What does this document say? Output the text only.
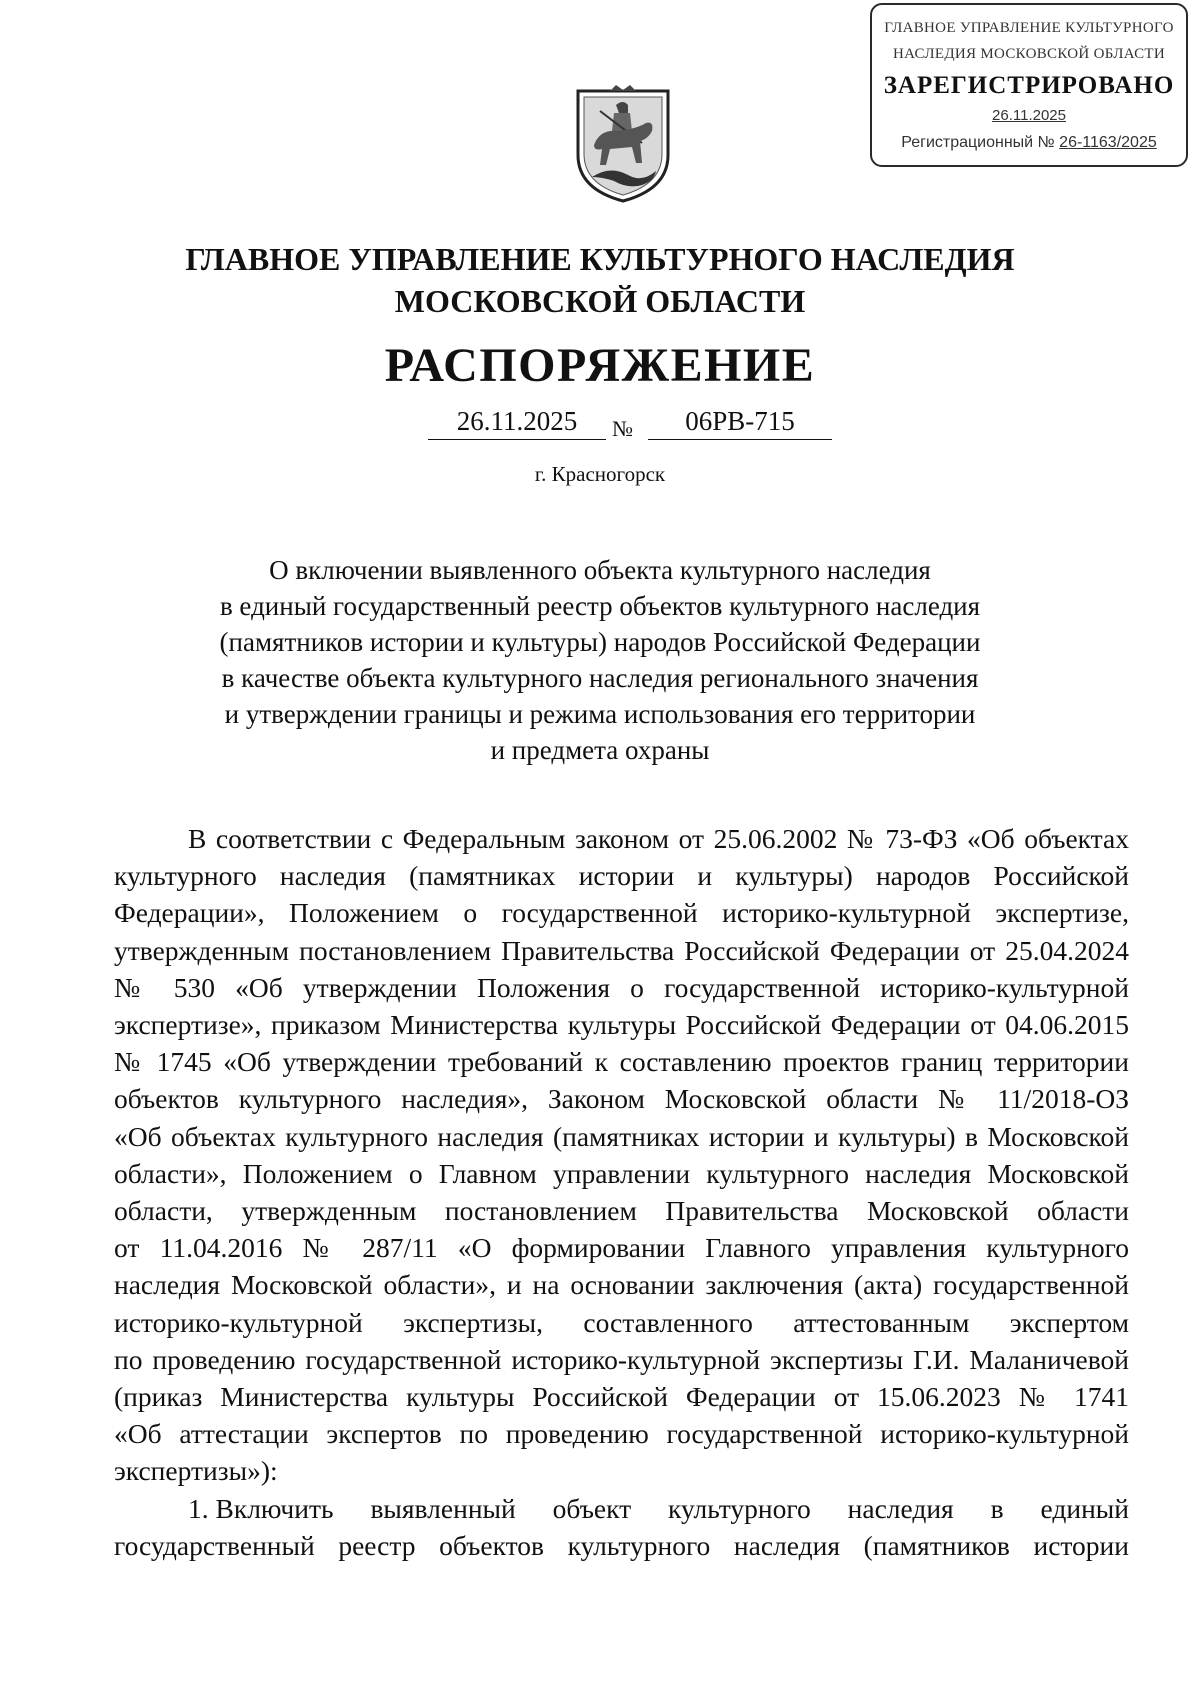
ГЛАВНОЕ УПРАВЛЕНИЕ КУЛЬТУРНОГО
НАСЛЕДИЯ МОСКОВСКОЙ ОБЛАСТИ
ЗАРЕГИСТРИРОВАНО
26.11.2025
Регистрационный № 26-1163/2025
ГЛАВНОЕ УПРАВЛЕНИЕ КУЛЬТУРНОГО НАСЛЕДИЯ
МОСКОВСКОЙ ОБЛАСТИ
РАСПОРЯЖЕНИЕ
26.11.2025	№	06РВ-715
г. Красногорск
О включении выявленного объекта культурного наследия
в единый государственный реестр объектов культурного наследия
(памятников истории и культуры) народов Российской Федерации
в качестве объекта культурного наследия регионального значения
и утверждении границы и режима использования его территории
и предмета охраны
В соответствии с Федеральным законом от 25.06.2002 № 73-ФЗ «Об объектах
культурного наследия (памятниках истории и культуры) народов Российской
Федерации», Положением о государственной историко-культурной экспертизе,
утвержденным постановлением Правительства Российской Федерации от 25.04.2024
№ 530 «Об утверждении Положения о государственной историко-культурной
экспертизе», приказом Министерства культуры Российской Федерации от 04.06.2015
№ 1745 «Об утверждении требований к составлению проектов границ территории
объектов культурного наследия», Законом Московской области № 11/2018-ОЗ
«Об объектах культурного наследия (памятниках истории и культуры) в Московской
области», Положением о Главном управлении культурного наследия Московской
области, утвержденным постановлением Правительства Московской области
от 11.04.2016 № 287/11 «О формировании Главного управления культурного
наследия Московской области», и на основании заключения (акта) государственной
историко-культурной экспертизы, составленного аттестованным экспертом
по проведению государственной историко-культурной экспертизы Г.И. Маланичевой
(приказ Министерства культуры Российской Федерации от 15.06.2023 № 1741
«Об аттестации экспертов по проведению государственной историко-культурной
экспертизы»):
1. Включить выявленный объект культурного наследия в единый
государственный реестр объектов культурного наследия (памятников истории
